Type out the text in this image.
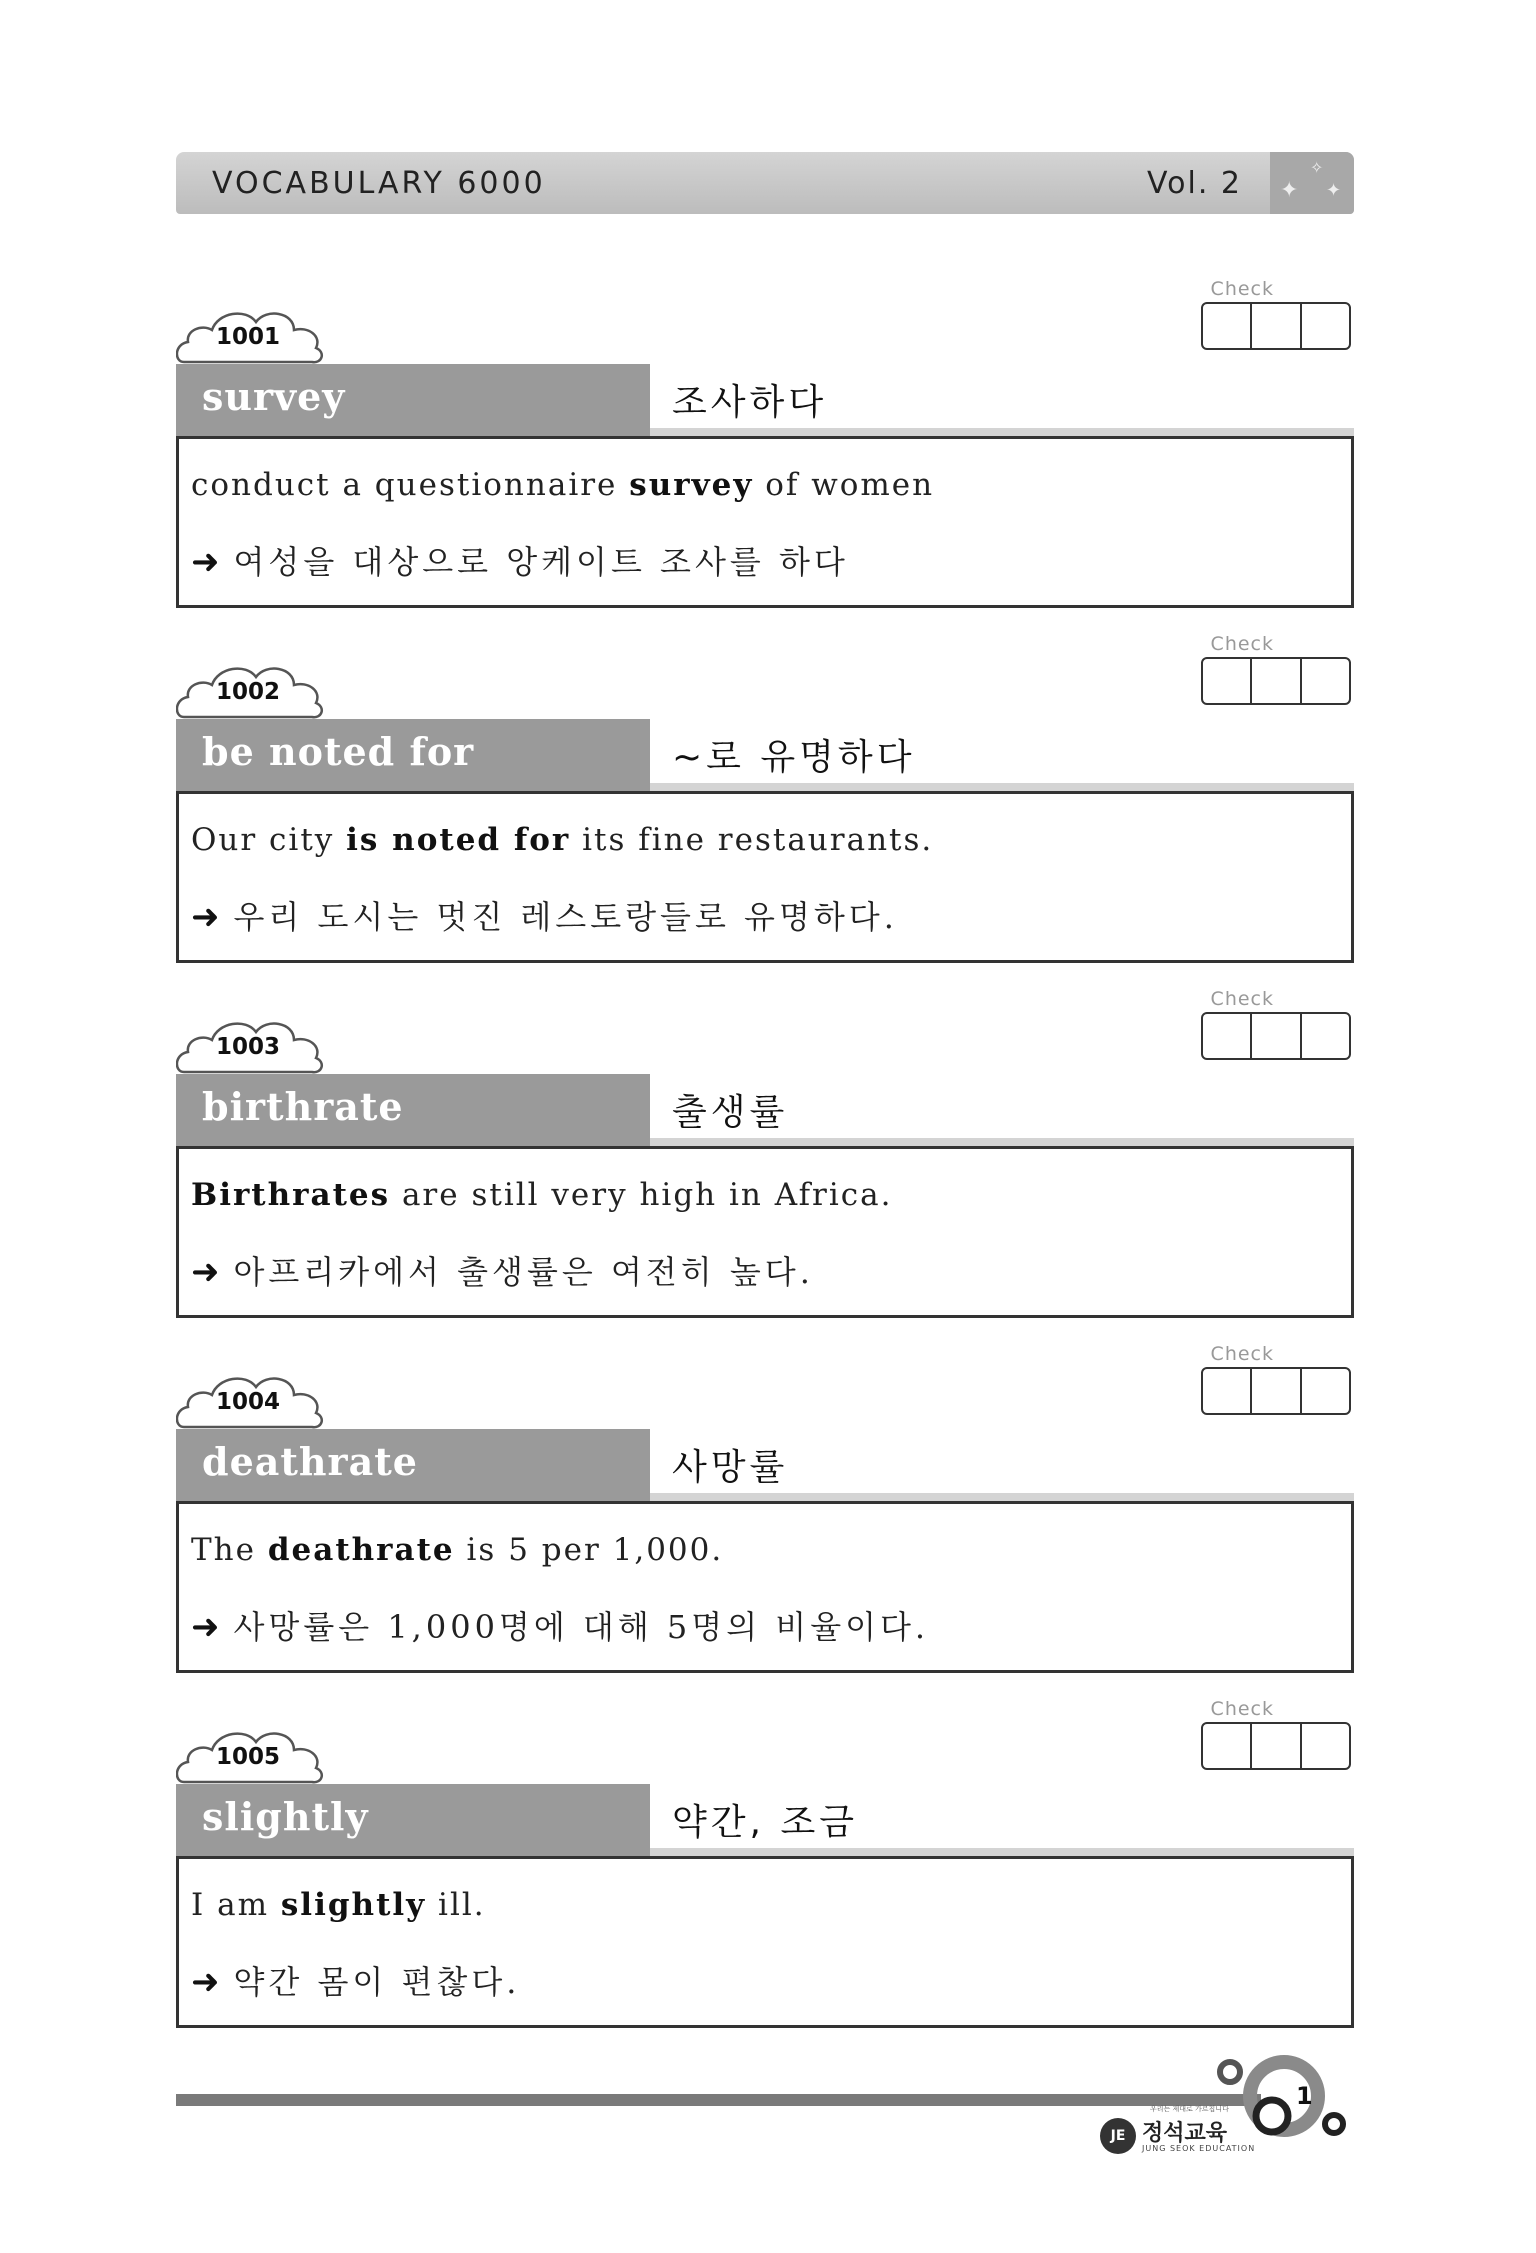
VOCABULARY 6000	Vol. 2 ✦
✧
✦
Check
1001
survey	조사하다
conduct a questionnaire survey of women
➜ 여성을 대상으로 앙케이트 조사를 하다
Check
1002
be noted for	~로 유명하다
Our city is noted for its fine restaurants.
➜ 우리 도시는 멋진 레스토랑들로 유명하다.
Check
1003
birthrate	출생률
Birthrates are still very high in Africa.
➜ 아프리카에서 출생률은 여전히 높다.
Check
1004
deathrate	사망률
The deathrate is 5 per 1,000.
➜ 사망률은 1,000명에 대해 5명의 비율이다.
Check
1005
slightly	약간, 조금
I am slightly ill.
➜ 약간 몸이 편찮다.
1
우리는 제대로 가르칩니다
JE 정석교육
JUNG SEOK EDUCATION
